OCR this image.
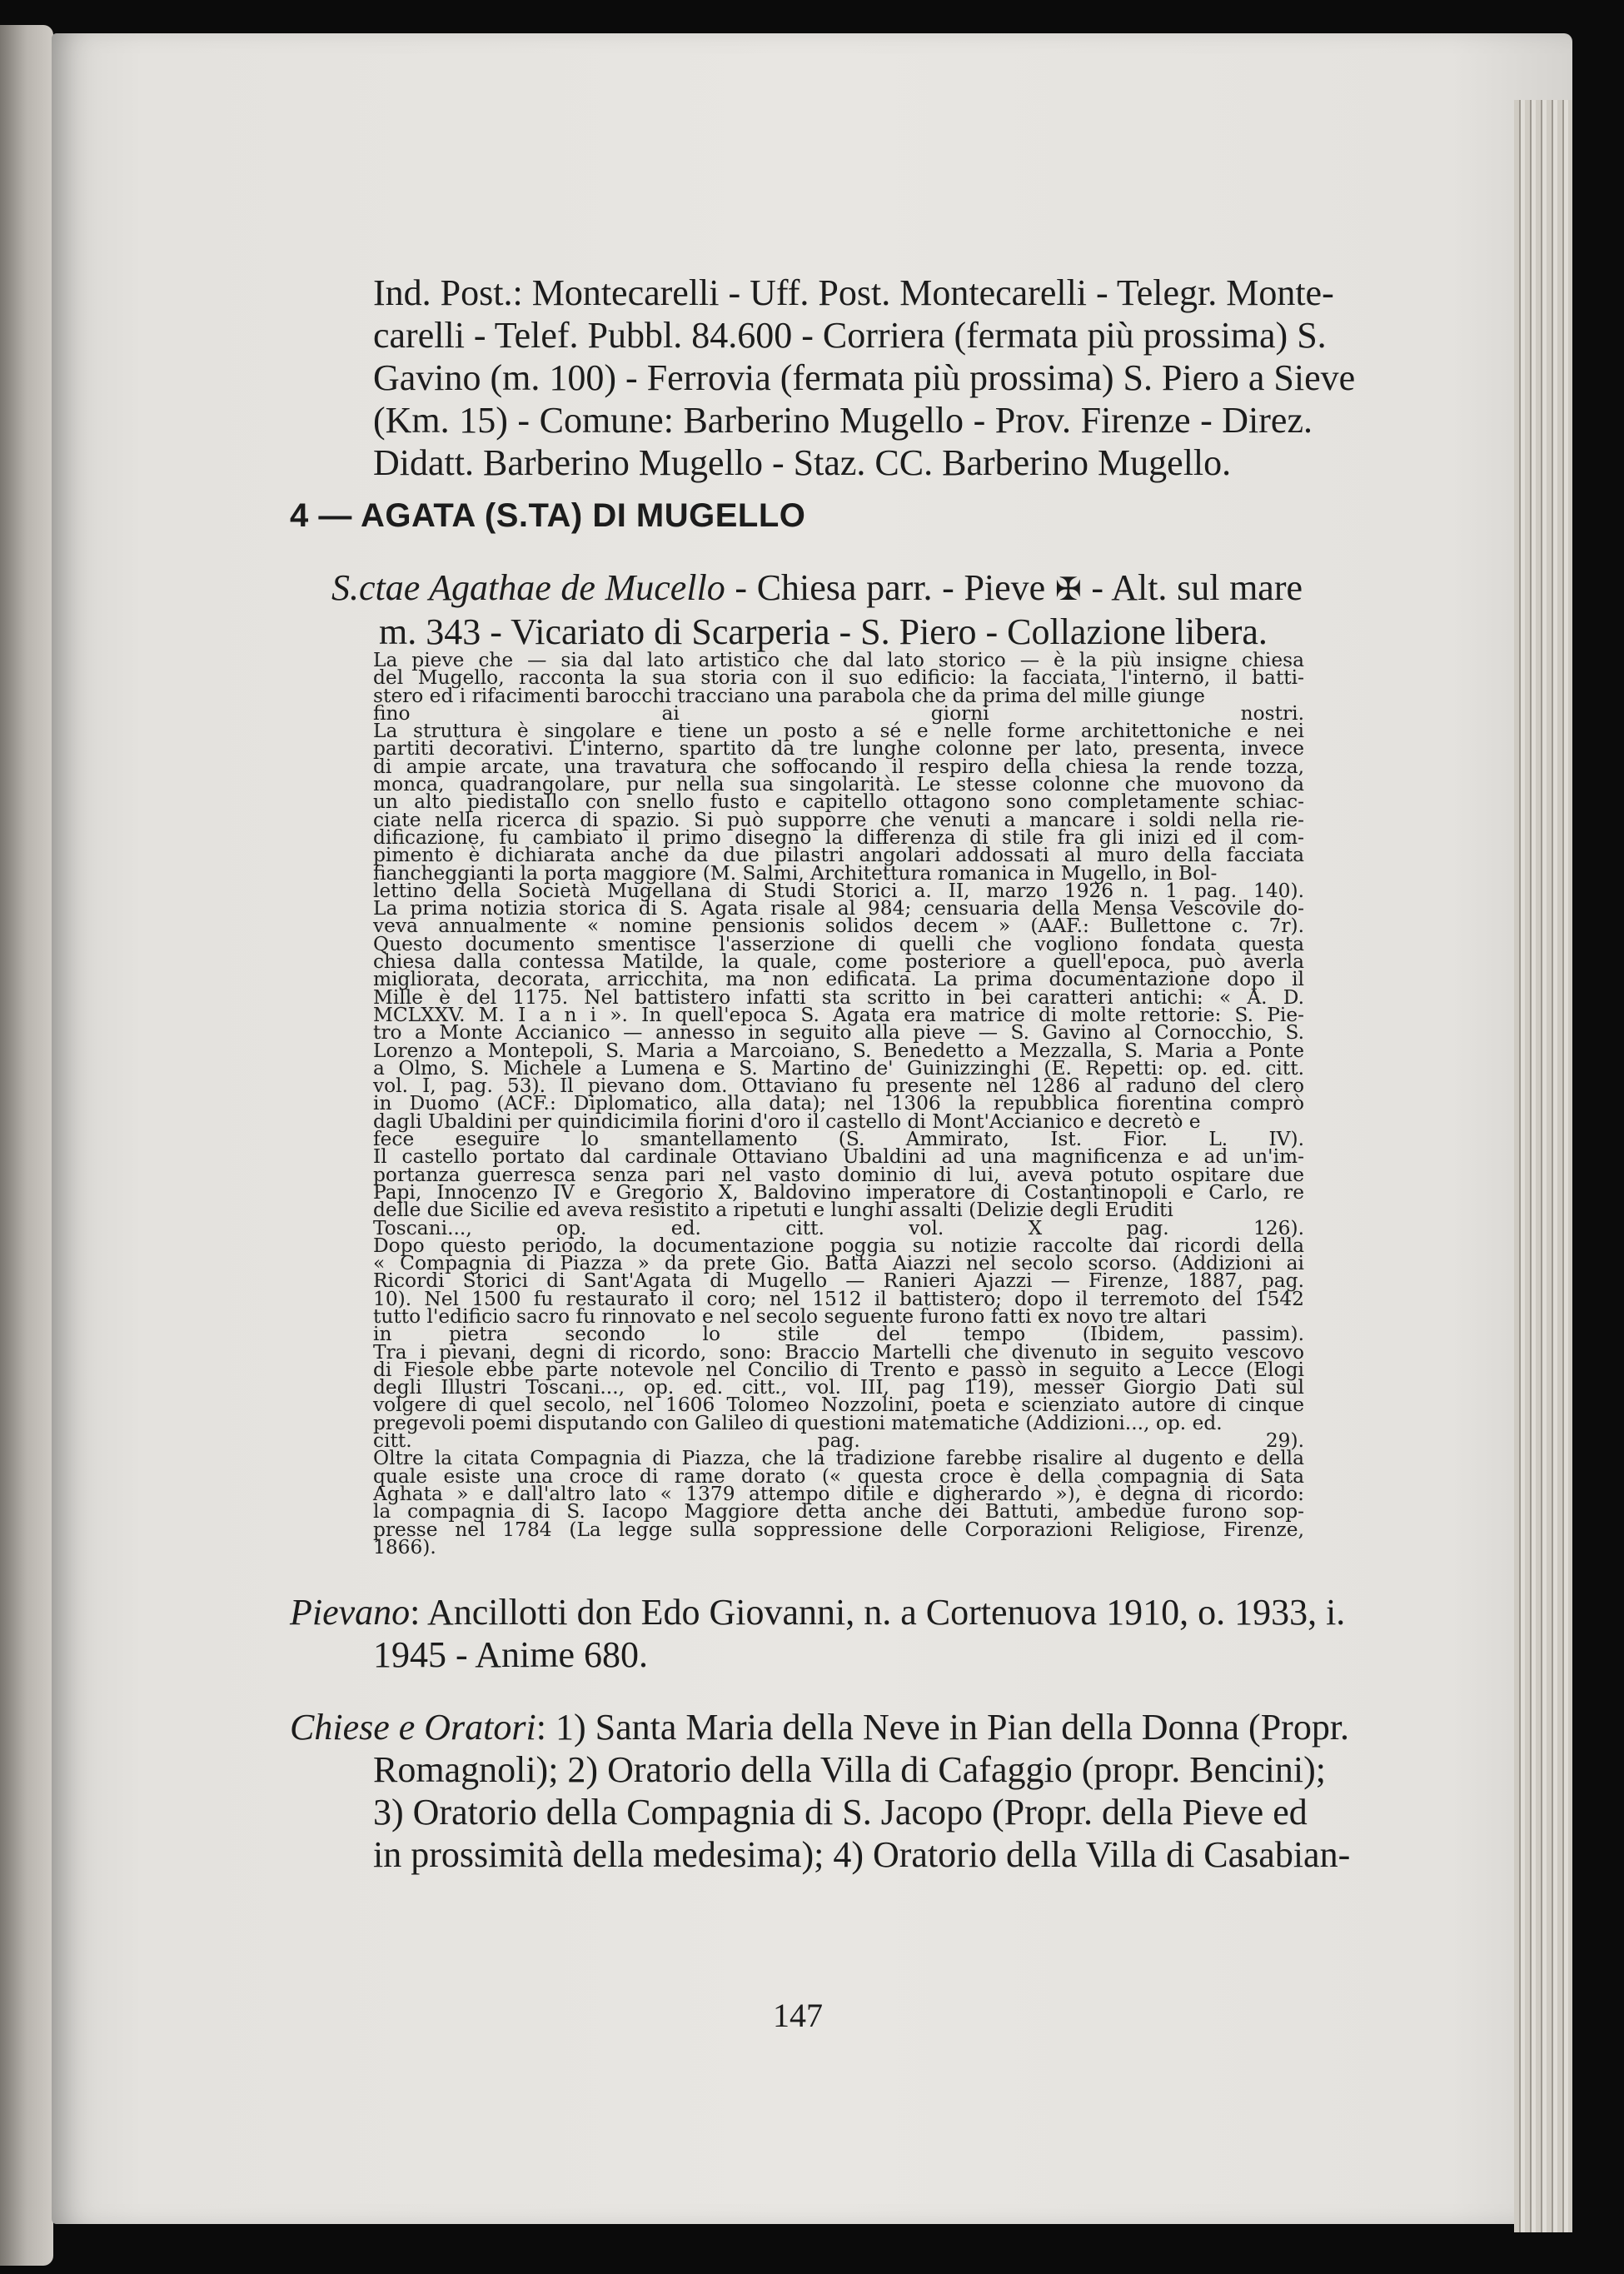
Ind. Post.: Montecarelli - Uff. Post. Montecarelli - Telegr. Monte-
carelli - Telef. Pubbl. 84.600 - Corriera (fermata più prossima) S.
Gavino (m. 100) - Ferrovia (fermata più prossima) S. Piero a Sieve
(Km. 15) - Comune: Barberino Mugello - Prov. Firenze - Direz.
Didatt. Barberino Mugello - Staz. CC. Barberino Mugello.
4 — AGATA (S.TA) DI MUGELLO
S.ctae Agathae de Mucello - Chiesa parr. - Pieve ✠ - Alt. sul mare
m. 343 - Vicariato di Scarperia - S. Piero - Collazione libera.
La pieve che — sia dal lato artistico che dal lato storico — è la più insigne chiesa
del Mugello, racconta la sua storia con il suo edificio: la facciata, l'interno, il batti-
stero ed i rifacimenti barocchi tracciano una parabola che da prima del mille giunge
fino ai giorni nostri.
La struttura è singolare e tiene un posto a sé e nelle forme architettoniche e nei
partiti decorativi. L'interno, spartito da tre lunghe colonne per lato, presenta, invece
di ampie arcate, una travatura che soffocando il respiro della chiesa la rende tozza,
monca, quadrangolare, pur nella sua singolarità. Le stesse colonne che muovono da
un alto piedistallo con snello fusto e capitello ottagono sono completamente schiac-
ciate nella ricerca di spazio. Si può supporre che venuti a mancare i soldi nella rie-
dificazione, fu cambiato il primo disegno la differenza di stile fra gli inizi ed il com-
pimento è dichiarata anche da due pilastri angolari addossati al muro della facciata
fiancheggianti la porta maggiore (M. Salmi, Architettura romanica in Mugello, in Bol-
lettino della Società Mugellana di Studi Storici a. II, marzo 1926 n. 1 pag. 140).
La prima notizia storica di S. Agata risale al 984; censuaria della Mensa Vescovile do-
veva annualmente « nomine pensionis solidos decem » (AAF.: Bullettone c. 7r).
Questo documento smentisce l'asserzione di quelli che vogliono fondata questa
chiesa dalla contessa Matilde, la quale, come posteriore a quell'epoca, può averla
migliorata, decorata, arricchita, ma non edificata. La prima documentazione dopo il
Mille è del 1175. Nel battistero infatti sta scritto in bei caratteri antichi: « A. D.
MCLXXV. M. I a n i ». In quell'epoca S. Agata era matrice di molte rettorie: S. Pie-
tro a Monte Accianico — annesso in seguito alla pieve — S. Gavino al Cornocchio, S.
Lorenzo a Montepoli, S. Maria a Marcoiano, S. Benedetto a Mezzalla, S. Maria a Ponte
a Olmo, S. Michele a Lumena e S. Martino de' Guinizzinghi (E. Repetti: op. ed. citt.
vol. I, pag. 53). Il pievano dom. Ottaviano fu presente nel 1286 al raduno del clero
in Duomo (ACF.: Diplomatico, alla data); nel 1306 la repubblica fiorentina comprò
dagli Ubaldini per quindicimila fiorini d'oro il castello di Mont'Accianico e decretò e
fece eseguire lo smantellamento (S. Ammirato, Ist. Fior. L. IV).
Il castello portato dal cardinale Ottaviano Ubaldini ad una magnificenza e ad un'im-
portanza guerresca senza pari nel vasto dominio di lui, aveva potuto ospitare due
Papi, Innocenzo IV e Gregorio X, Baldovino imperatore di Costantinopoli e Carlo, re
delle due Sicilie ed aveva resistito a ripetuti e lunghi assalti (Delizie degli Eruditi
Toscani..., op. ed. citt. vol. X pag. 126).
Dopo questo periodo, la documentazione poggia su notizie raccolte dai ricordi della
« Compagnia di Piazza » da prete Gio. Batta Aiazzi nel secolo scorso. (Addizioni ai
Ricordi Storici di Sant'Agata di Mugello — Ranieri Ajazzi — Firenze, 1887, pag.
10). Nel 1500 fu restaurato il coro; nel 1512 il battistero; dopo il terremoto del 1542
tutto l'edificio sacro fu rinnovato e nel secolo seguente furono fatti ex novo tre altari
in pietra secondo lo stile del tempo (Ibidem, passim).
Tra i pievani, degni di ricordo, sono: Braccio Martelli che divenuto in seguito vescovo
di Fiesole ebbe parte notevole nel Concilio di Trento e passò in seguito a Lecce (Elogi
degli Illustri Toscani..., op. ed. citt., vol. III, pag 119), messer Giorgio Dati sul
volgere di quel secolo, nel 1606 Tolomeo Nozzolini, poeta e scienziato autore di cinque
pregevoli poemi disputando con Galileo di questioni matematiche (Addizioni..., op. ed.
citt. pag. 29).
Oltre la citata Compagnia di Piazza, che la tradizione farebbe risalire al dugento e della
quale esiste una croce di rame dorato (« questa croce è della compagnia di Sata
Aghata » e dall'altro lato « 1379 attempo ditile e digherardo »), è degna di ricordo:
la compagnia di S. Iacopo Maggiore detta anche dei Battuti, ambedue furono sop-
presse nel 1784 (La legge sulla soppressione delle Corporazioni Religiose, Firenze,
1866).
Pievano: Ancillotti don Edo Giovanni, n. a Cortenuova 1910, o. 1933, i.
1945 - Anime 680.
Chiese e Oratori: 1) Santa Maria della Neve in Pian della Donna (Propr.
Romagnoli); 2) Oratorio della Villa di Cafaggio (propr. Bencini);
3) Oratorio della Compagnia di S. Jacopo (Propr. della Pieve ed
in prossimità della medesima); 4) Oratorio della Villa di Casabian-
147
